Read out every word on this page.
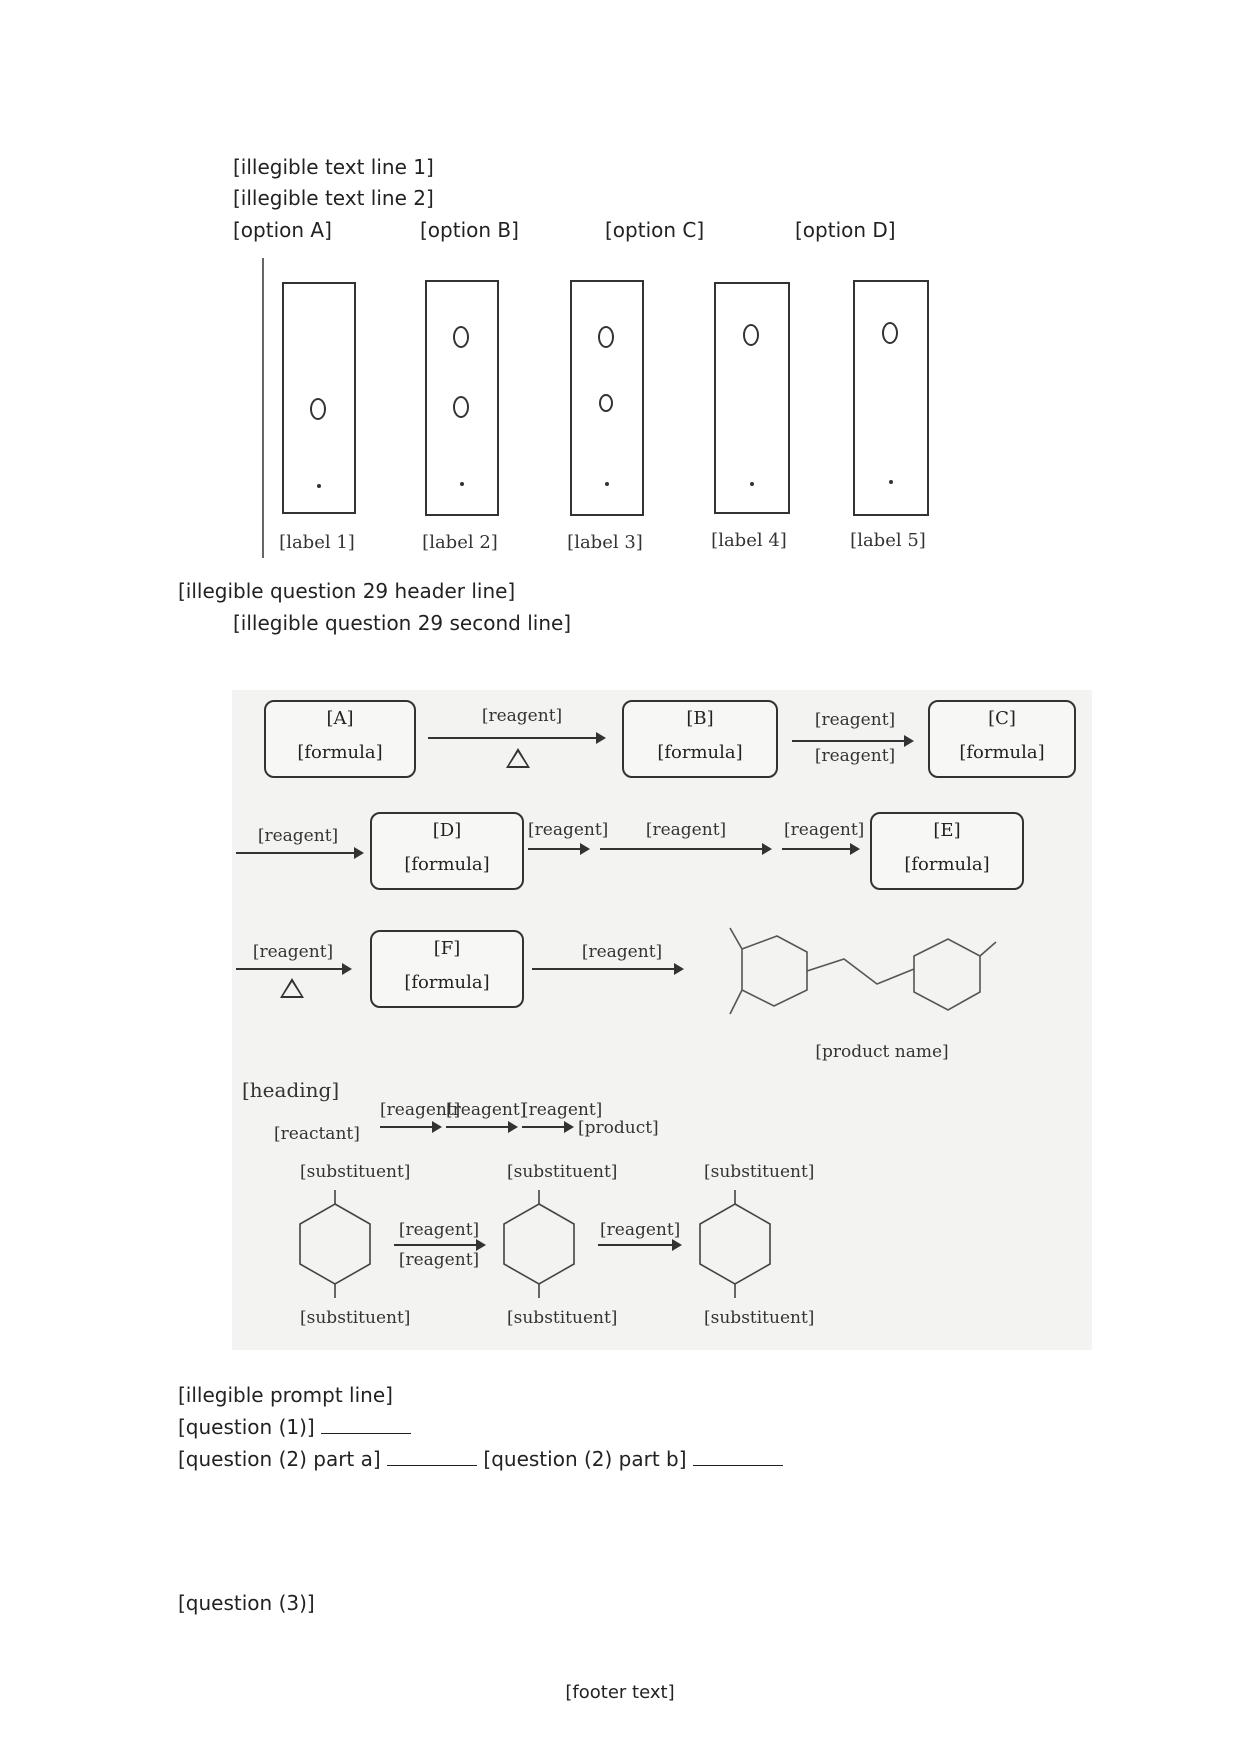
[illegible text line 1]
[illegible text line 2]
[option A]	[option B]	[option C]	[option D]
[label 1]	[label 2]	[label 3]	[label 4]	[label 5]
[illegible question 29 header line]
[illegible question 29 second line]
[A]
[formula]
[reagent]	[B]
[formula]
[reagent]
[reagent]
[C]
[formula]
[reagent]	[D]
[formula]
[reagent]	[reagent]	[reagent]	[E]
[formula]
[reagent]	[F]
[formula]
[reagent]
[product name]
[heading]
[reactant]
[reagent]
[reagent]
[reagent]
[product]
[substituent]
[substituent]
[reagent]
[reagent]
[substituent]
[substituent]
[reagent]
[substituent]
[substituent]
[illegible prompt line]
[question (1)]
[question (2) part a]	[question (2) part b]
[question (3)]
[footer text]
